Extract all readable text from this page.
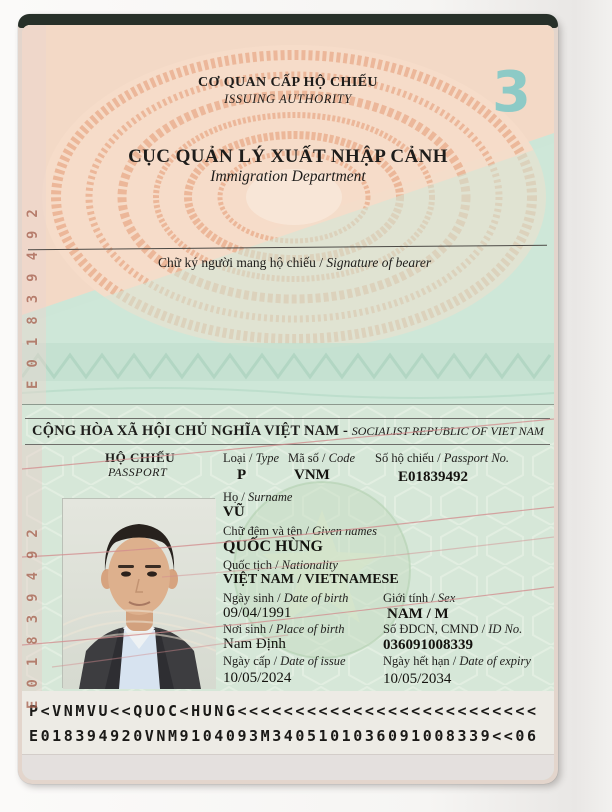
CƠ QUAN CẤP HỘ CHIẾU
ISSUING AUTHORITY	3
CỤC QUẢN LÝ XUẤT NHẬP CẢNH
Immigration Department
Chữ ký người mang hộ chiếu / Signature of bearer
E01839492
CỘNG HÒA XÃ HỘI CHỦ NGHĨA VIỆT NAM - SOCIALIST REPUBLIC OF VIET NAM
HỘ CHIẾU
PASSPORT
Loại / Type
P
Mã số / Code
VNM
Số hộ chiếu / Passport No.
E01839492
Họ / Surname
VŨ
Chữ đệm và tên / Given names
QUỐC HÙNG
Quốc tịch / Nationality
VIỆT NAM / VIETNAMESE
Ngày sinh / Date of birth
09/04/1991
Giới tính / Sex
NAM / M
Nơi sinh / Place of birth
Nam Định
Số ĐDCN, CMND / ID No.
036091008339
Ngày cấp / Date of issue
10/05/2024
Ngày hết hạn / Date of expiry
10/05/2034
P<VNMVU<<QUOC<HUNG<<<<<<<<<<<<<<<<<<<<<<<<<<
E018394920VNM9104093M3405101036091008339<<06
E01839492
